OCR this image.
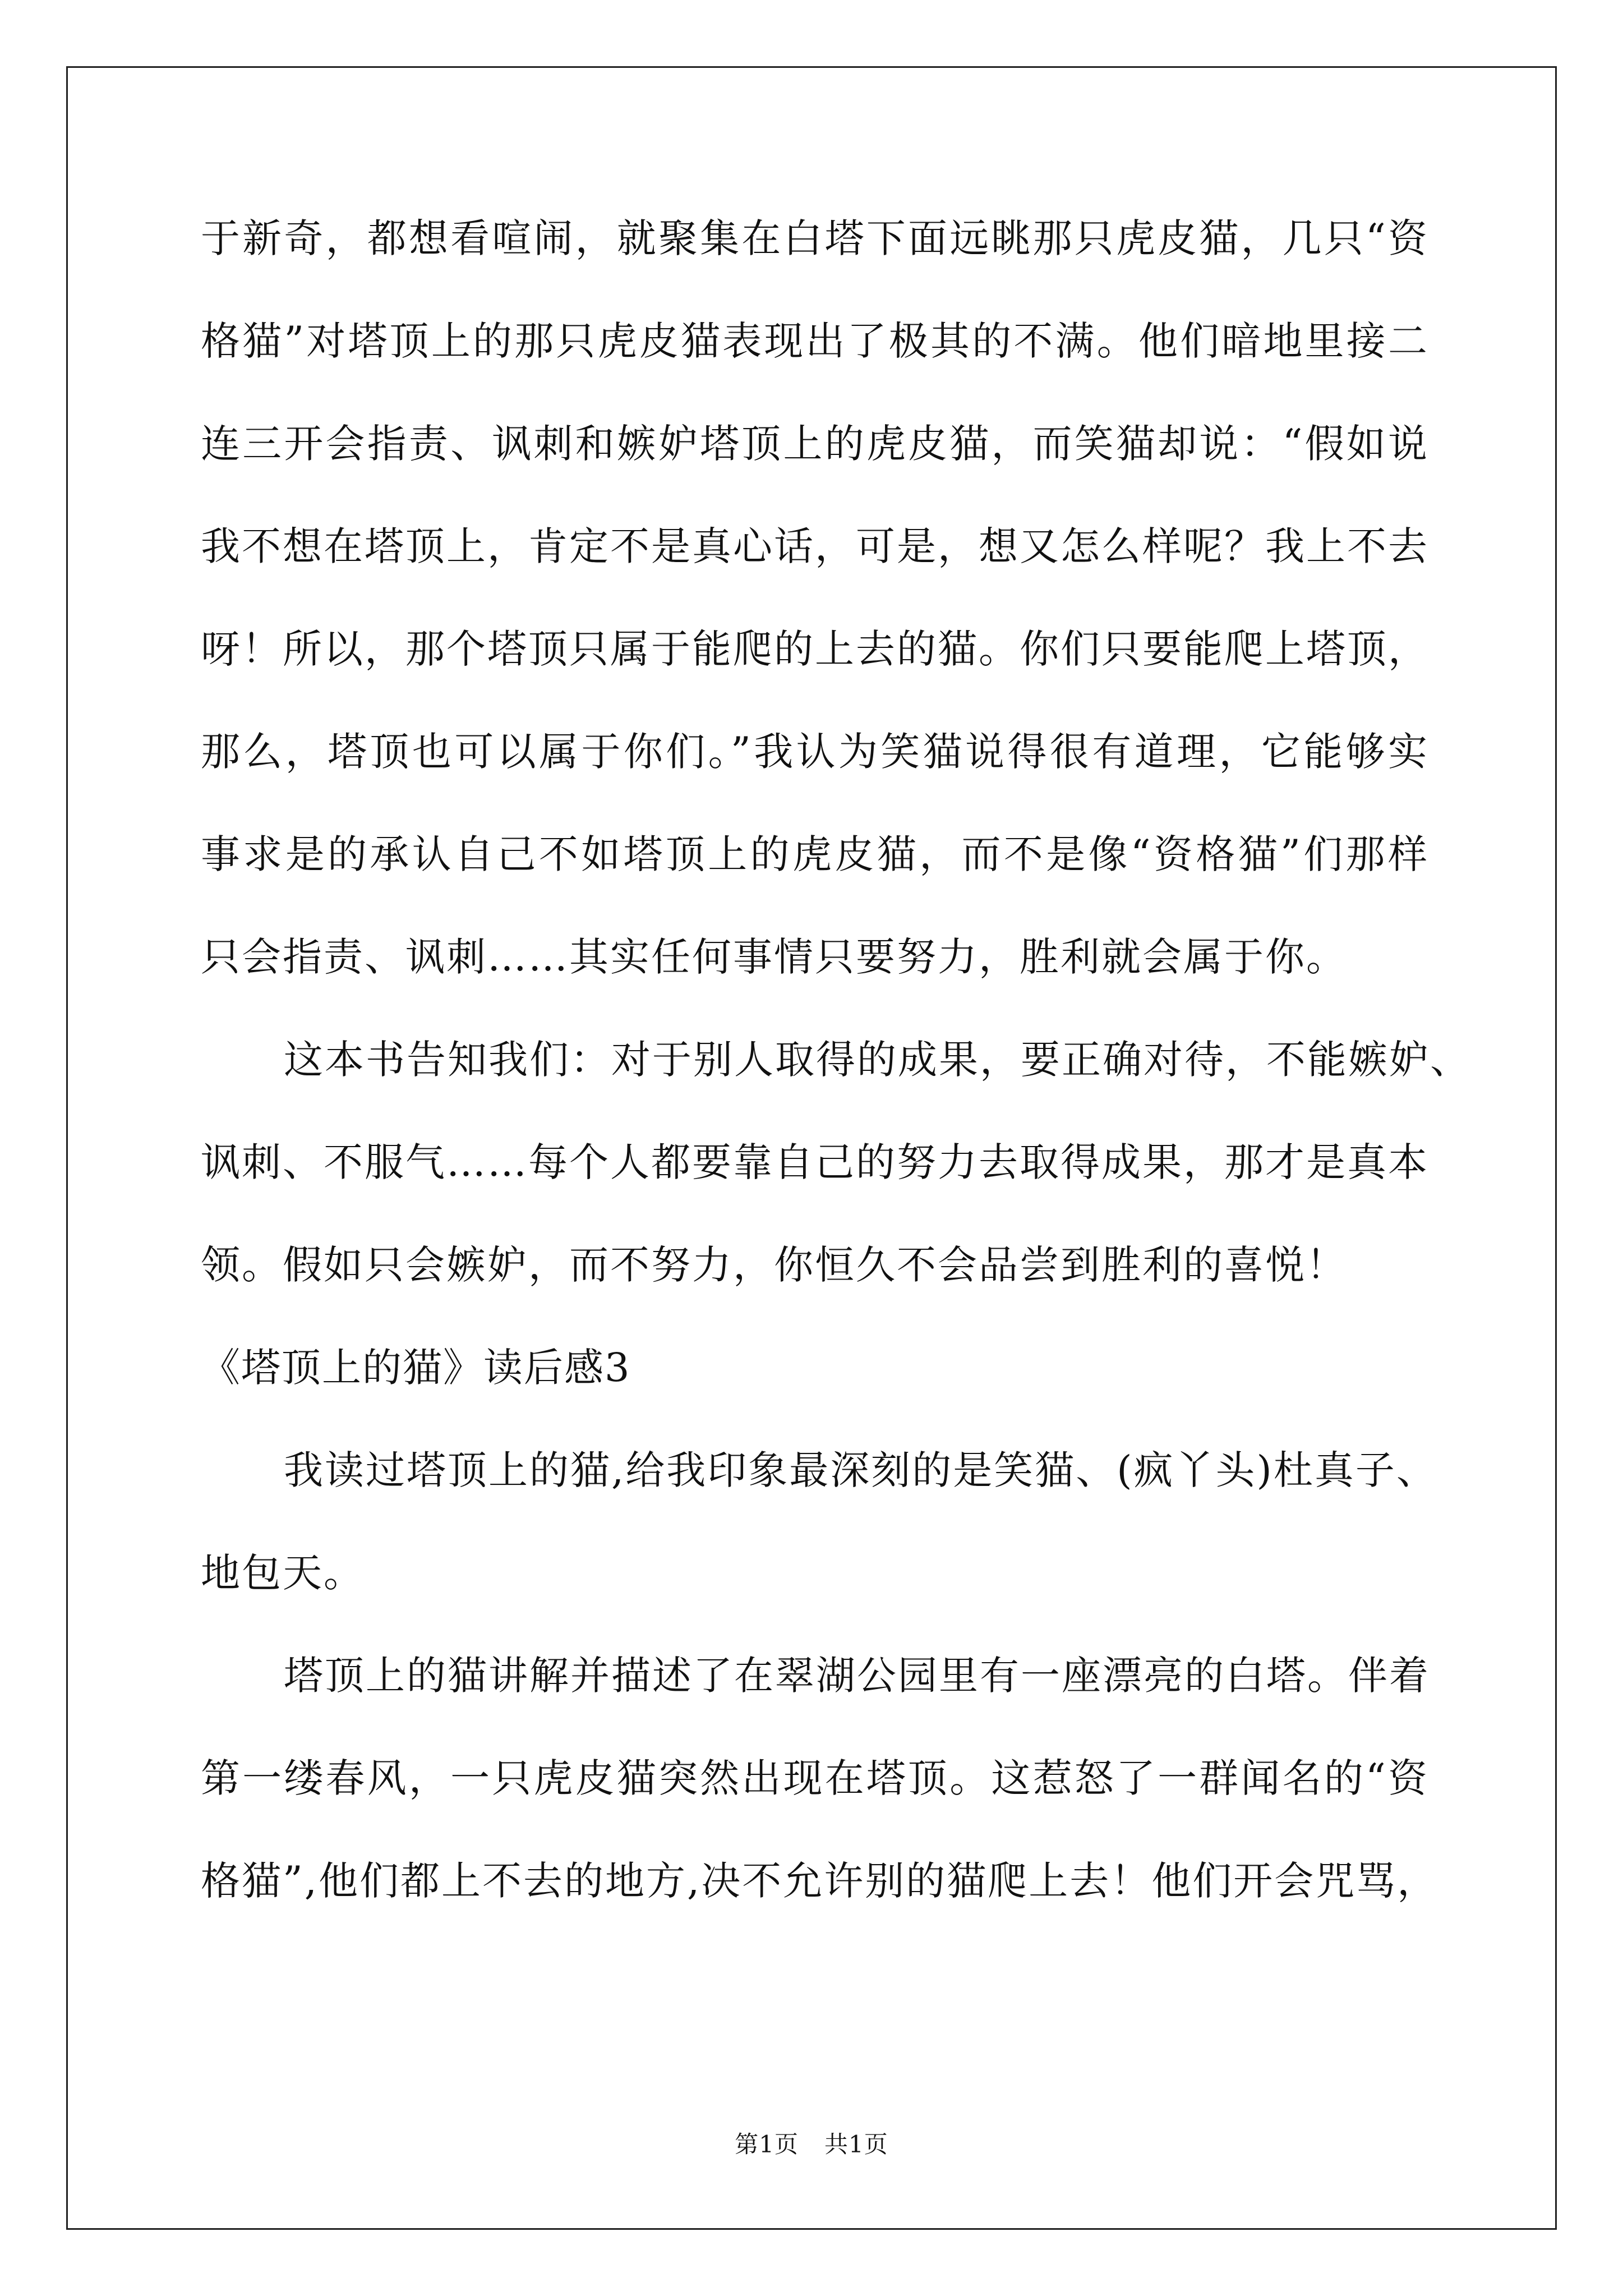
于新奇，都想看喧闹，就聚集在白塔下面远眺那只虎皮猫，几只“资
格猫”对塔顶上的那只虎皮猫表现出了极其的不满。他们暗地里接二
连三开会指责、讽刺和嫉妒塔顶上的虎皮猫，而笑猫却说：“假如说
我不想在塔顶上，肯定不是真心话，可是，想又怎么样呢？我上不去
呀！所以，那个塔顶只属于能爬的上去的猫。你们只要能爬上塔顶，
那么，塔顶也可以属于你们。”我认为笑猫说得很有道理，它能够实
事求是的承认自己不如塔顶上的虎皮猫，而不是像“资格猫”们那样
只会指责、讽刺……其实任何事情只要努力，胜利就会属于你。
这本书告知我们：对于别人取得的成果，要正确对待，不能嫉妒、
讽刺、不服气……每个人都要靠自己的努力去取得成果，那才是真本
领。假如只会嫉妒，而不努力，你恒久不会品尝到胜利的喜悦！
《塔顶上的猫》读后感3
我读过塔顶上的猫,给我印象最深刻的是笑猫、(疯丫头)杜真子、
地包天。
塔顶上的猫讲解并描述了在翠湖公园里有一座漂亮的白塔。伴着
第一缕春风，一只虎皮猫突然出现在塔顶。这惹怒了一群闻名的“资
格猫”,他们都上不去的地方,决不允许别的猫爬上去！他们开会咒骂，
第1页 共1页
